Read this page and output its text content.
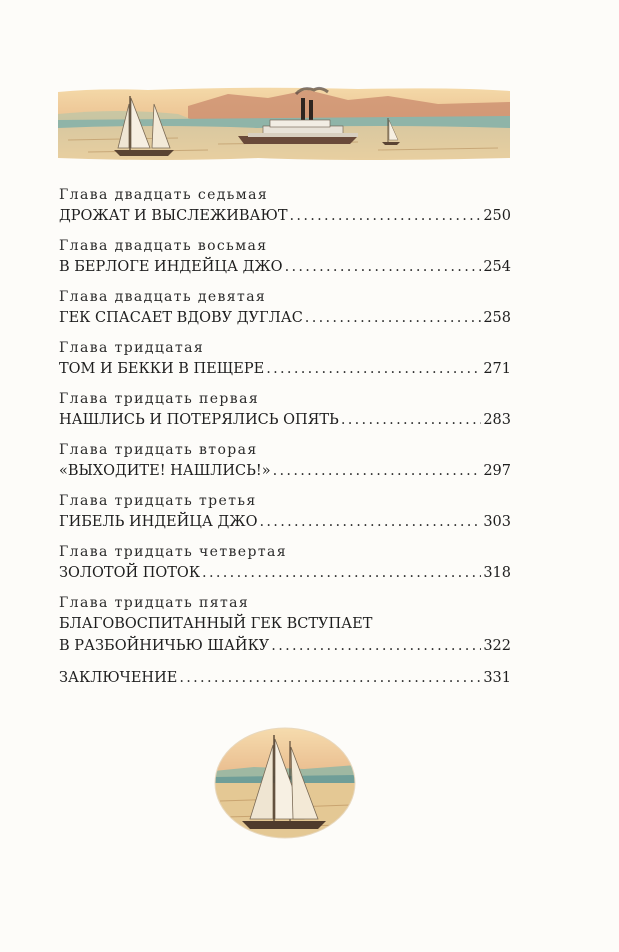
Глава двадцать седьмая
ДРОЖАТ И ВЫСЛЕЖИВАЮТ .....	250
Глава двадцать восьмая
В БЕРЛОГЕ ИНДЕЙЦА ДЖО .....	254
Глава двадцать девятая
ГЕК СПАСАЕТ ВДОВУ ДУГЛАС .....	258
Глава тридцатая
ТОМ И БЕККИ В ПЕЩЕРЕ .....	271
Глава тридцать первая
НАШЛИСЬ И ПОТЕРЯЛИСЬ ОПЯТЬ .....	283
Глава тридцать вторая
«ВЫХОДИТЕ! НАШЛИСЬ!» .....	297
Глава тридцать третья
ГИБЕЛЬ ИНДЕЙЦА ДЖО .....	303
Глава тридцать четвертая
ЗОЛОТОЙ ПОТОК .....	318
Глава тридцать пятая
БЛАГОВОСПИТАННЫЙ ГЕК ВСТУПАЕТ
В РАЗБОЙНИЧЬЮ ШАЙКУ .....	322
ЗАКЛЮЧЕНИЕ .....	331
